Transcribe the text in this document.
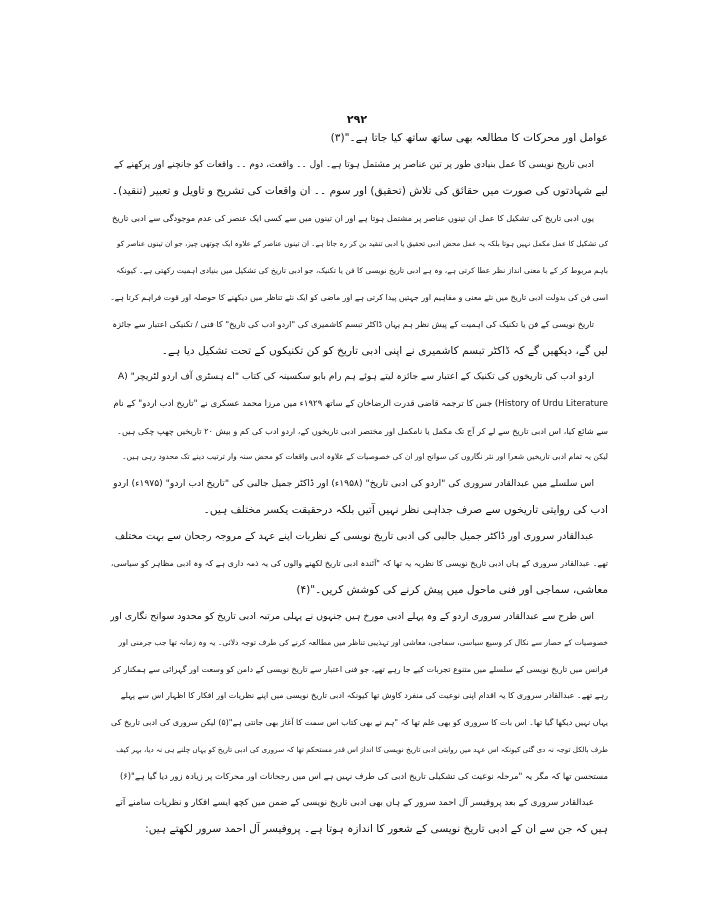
۲۹۲
عوامل اور محرکات کا مطالعہ بھی ساتھ ساتھ کیا جاتا ہے۔"(۳)
ادبی تاریخ نویسی کا عمل بنیادی طور پر تین عناصر پر مشتمل ہوتا ہے۔ اول ۔۔ واقعت، دوم ۔۔ واقعات کو جانچنے اور پرکھنے کے
لیے شہادتوں کی صورت میں حقائق کی تلاش (تحقیق) اور سوم ۔۔ ان واقعات کی تشریح و تاویل و تعبیر (تنقید)۔
یوں ادبی تاریخ کی تشکیل کا عمل ان تینوں عناصر پر مشتمل ہوتا ہے اور ان تینوں میں سے کسی ایک عنصر کی عدم موجودگی سے ادبی تاریخ
کی تشکیل کا عمل مکمل نہیں ہوتا بلکہ یہ عمل محض ادبی تحقیق یا ادبی تنقید بن کر رہ جاتا ہے۔ ان تینوں عناصر کے علاوہ ایک چوتھی چیز، جو ان تینوں عناصر کو
باہم مربوط کر کے با معنی انداز نظر عطا کرتی ہے، وہ ہے ادبی تاریخ نویسی کا فن یا تکنیک، جو ادبی تاریخ کی تشکیل میں بنیادی اہمیت رکھتی ہے۔ کیونکہ
اسی فن کی بدولت ادبی تاریخ میں نئے معنی و مفاہیم اور جہتیں پیدا کرتی ہے اور ماضی کو ایک نئے تناظر میں دیکھنے کا حوصلہ اور قوت فراہم کرتا ہے۔
تاریخ نویسی کے فن یا تکنیک کی اہمیت کے پیش نظر ہم یہاں ڈاکٹر تبسم کاشمیری کی "اردو ادب کی تاریخ" کا فنی / تکنیکی اعتبار سے جائزہ
لیں گے، دیکھیں گے کہ ڈاکٹر تبسم کاشمیری نے اپنی ادبی تاریخ کو کن تکنیکوں کے تحت تشکیل دیا ہے۔
اردو ادب کی تاریخوں کی تکنیک کے اعتبار سے جائزہ لیتے ہوئے ہم رام بابو سکسینہ کی کتاب "اے ہسٹری آف اردو لٹریچر" (A
History of Urdu Literature) جس کا ترجمہ قاضی قدرت الرضاخان کے ساتھ ۱۹۲۹ء میں مرزا محمد عسکری نے "تاریخ ادب اردو" کے نام
سے شائع کیا، اس ادبی تاریخ سے لے کر آج تک مکمل یا نامکمل اور مختصر ادبی تاریخوں کے، اردو ادب کی کم و بیش ۲۰ تاریخیں چھپ چکی ہیں۔
لیکن یہ تمام ادبی تاریخیں شعرا اور نثر نگاروں کی سوانح اور ان کی خصوصیات کے علاوہ ادبی واقعات کو محض سنہ وار ترتیب دینے تک محدود رہی ہیں۔
اس سلسلے میں عبدالقادر سروری کی "اردو کی ادبی تاریخ" (۱۹۵۸ء) اور ڈاکٹر جمیل جالبی کی "تاریخ ادب اردو" (۱۹۷۵ء) اردو
ادب کی روایتی تاریخوں سے صرف جداہی نظر نہیں آتیں بلکہ درحقیقت یکسر مختلف ہیں۔
عبدالقادر سروری اور ڈاکٹر جمیل جالبی کی ادبی تاریخ نویسی کے نظریات اپنے عہد کے مروجہ رجحان سے بہت مختلف
تھے۔ عبدالقادر سروری کے ہاں ادبی تاریخ نویسی کا نظریہ یہ تھا کہ "آئندہ ادبی تاریخ لکھنے والوں کی یہ ذمہ داری ہے کہ وہ ادبی مظاہر کو سیاسی،
معاشی، سماجی اور فنی ماحول میں پیش کرنے کی کوشش کریں۔"(۴)
اس طرح سے عبدالقادر سروری اردو کے وہ پہلے ادبی مورخ ہیں جنہوں نے پہلی مرتبہ ادبی تاریخ کو محدود سوانح نگاری اور
خصوصیات کے حصار سے نکال کر وسیع سیاسی، سماجی، معاشی اور تہذیبی تناظر میں مطالعہ کرنے کی طرف توجہ دلائی۔ یہ وہ زمانہ تھا جب جرمنی اور
فرانس میں تاریخ نویسی کے سلسلے میں متنوع تجربات کیے جا رہے تھے، جو فنی اعتبار سے تاریخ نویسی کے دامن کو وسعت اور گہرائی سے ہمکنار کر
رہے تھے۔ عبدالقادر سروری کا یہ اقدام اپنی نوعیت کی منفرد کاوش تھا کیونکہ ادبی تاریخ نویسی میں اپنے نظریات اور افکار کا اظہار اس سے پہلے
یہاں نہیں دیکھا گیا تھا۔ اس بات کا سروری کو بھی علم تھا کہ "ہم نے بھی کتاب اس سمت کا آغاز بھی جانتی ہے"(۵) لیکن سروری کی ادبی تاریخ کی
طرف بالکل توجہ نہ دی گئی کیونکہ اس عہد میں روایتی ادبی تاریخ نویسی کا انداز اس قدر مستحکم تھا کہ سروری کی ادبی تاریخ کو یہاں چلنے ہی نہ دیا، بہر کیف
مستحسن تھا کہ مگر یہ "مرحلہ نوعیت کی تشکیلی تاریخ ادبی کی طرف نہیں ہے اس میں رجحانات اور محرکات پر زیادہ زور دیا گیا ہے"(۶)
عبدالقادر سروری کے بعد پروفیسر آل احمد سرور کے ہاں بھی ادبی تاریخ نویسی کے ضمن میں کچھ ایسے افکار و نظریات سامنے آتے
ہیں کہ جن سے ان کے ادبی تاریخ نویسی کے شعور کا اندازہ ہوتا ہے۔ پروفیسر آل احمد سرور لکھتے ہیں:
